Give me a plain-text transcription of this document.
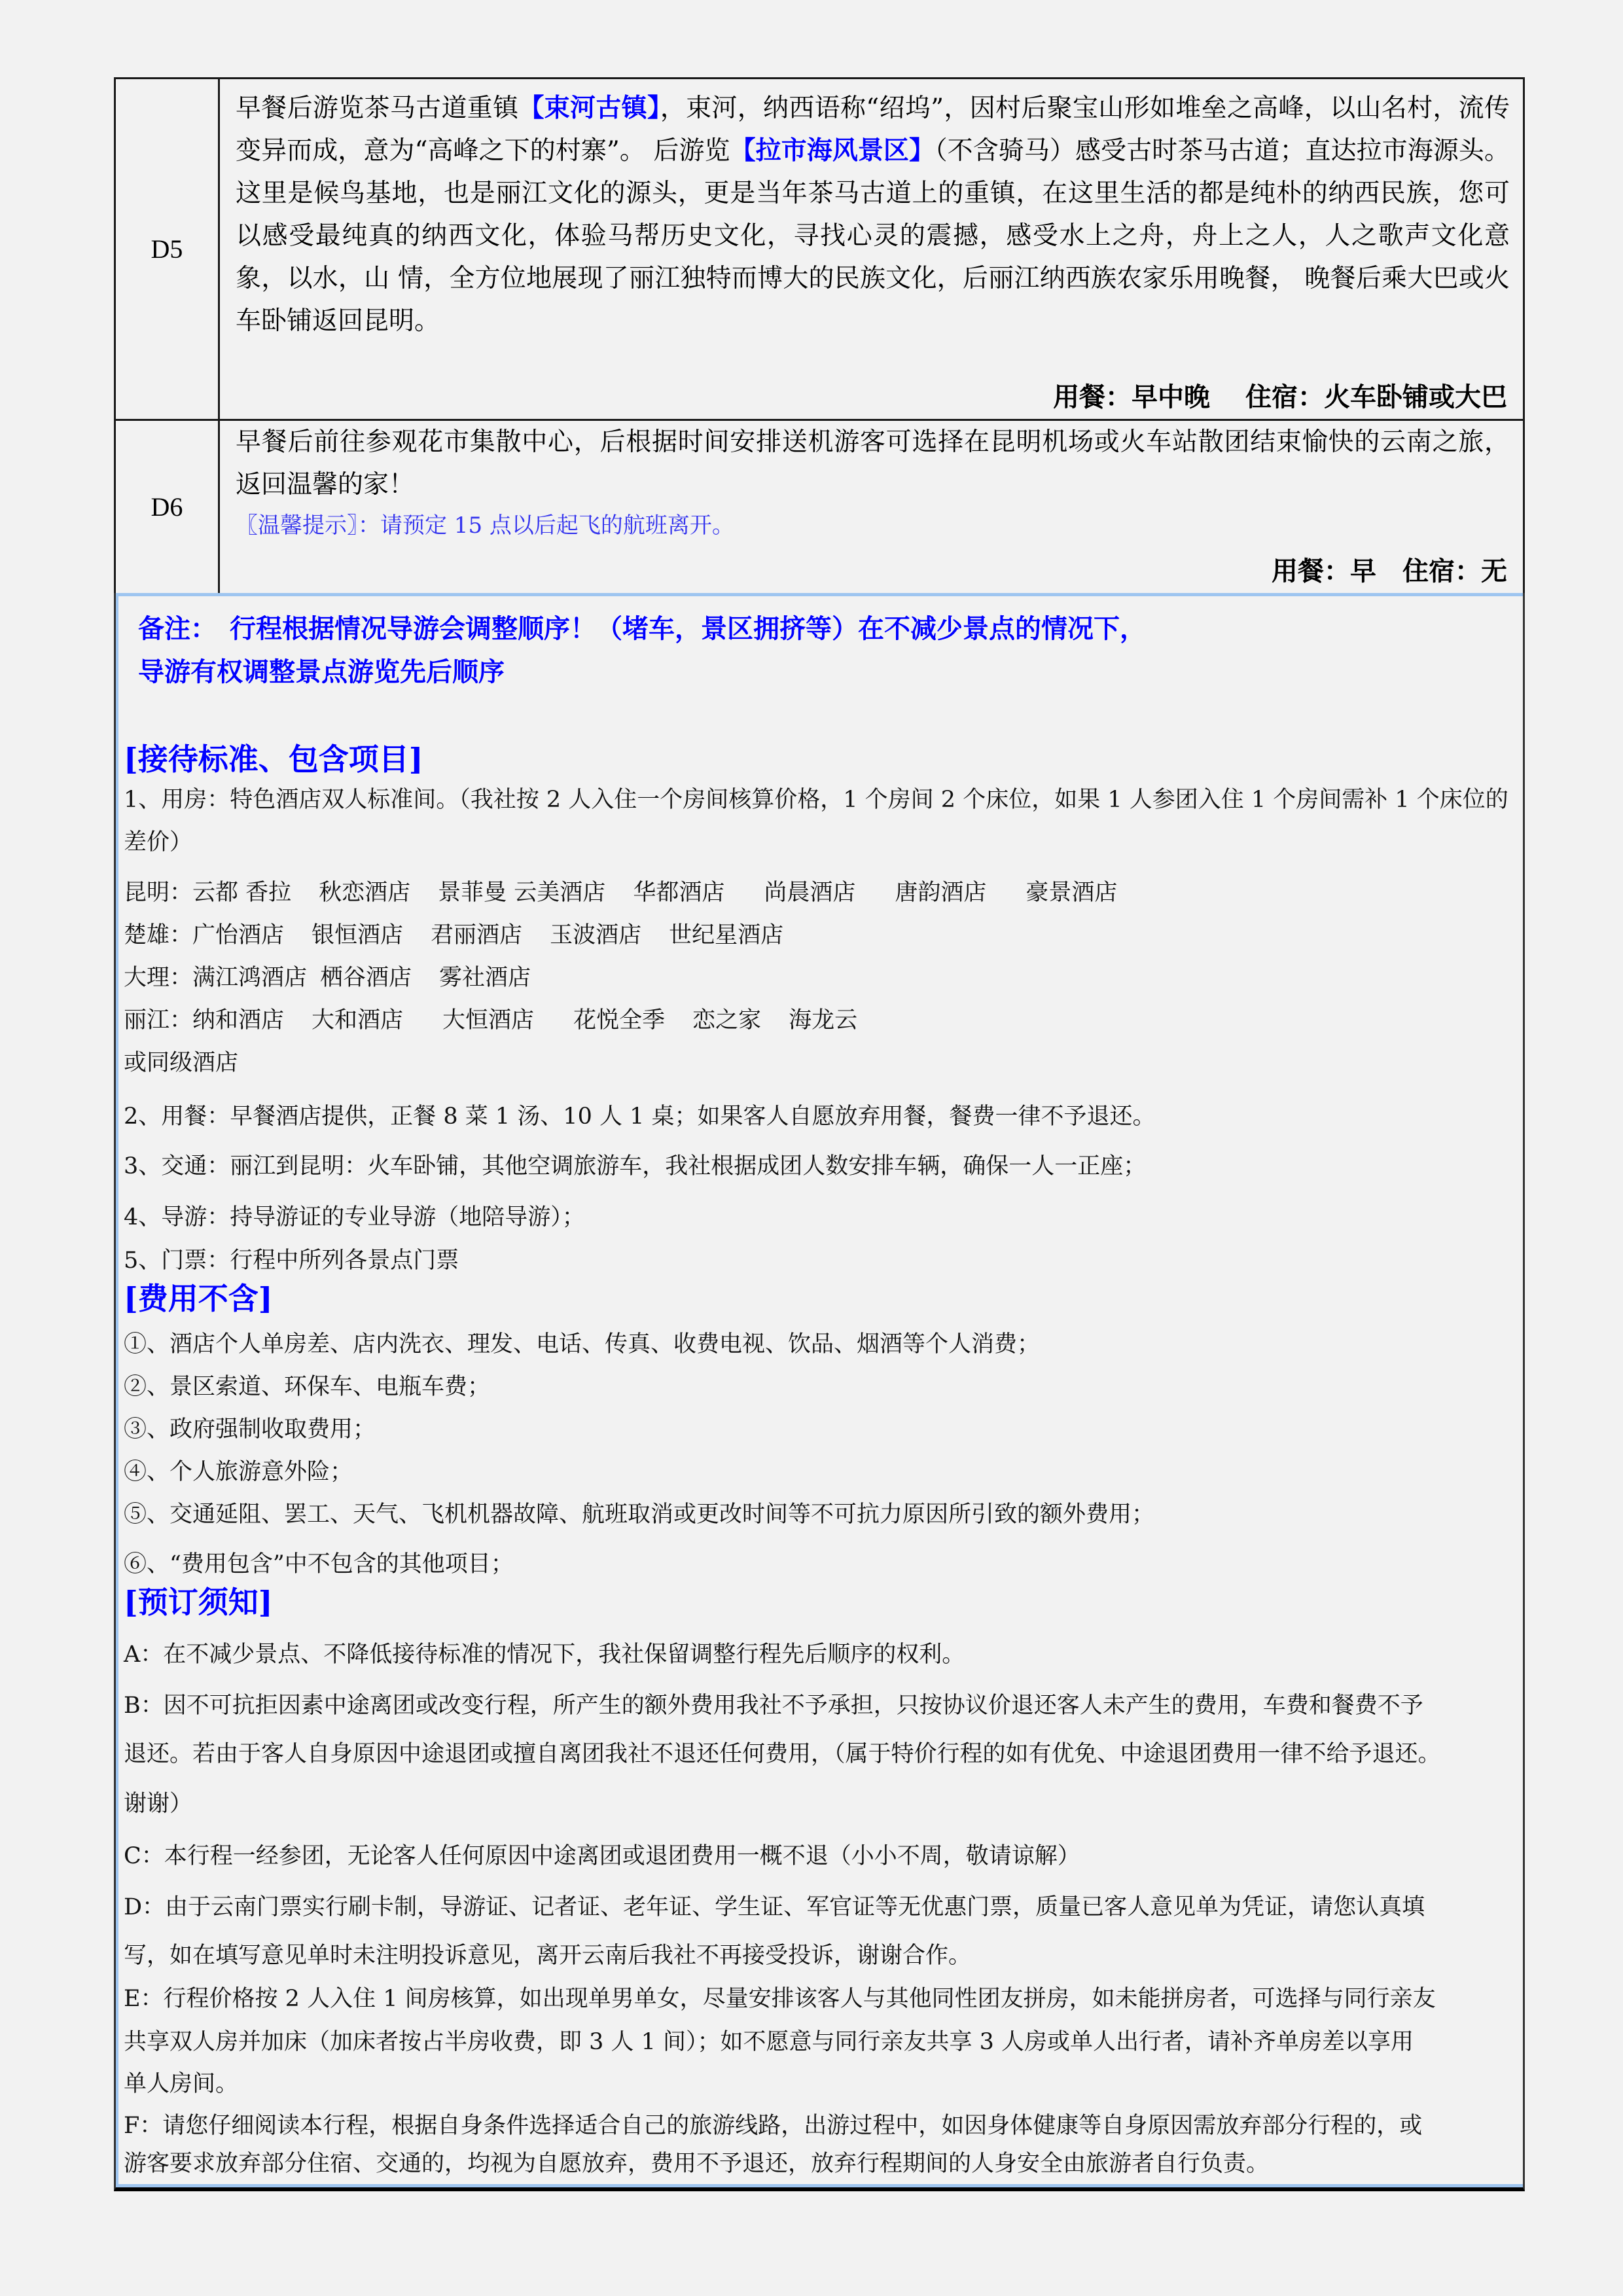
D5	早餐后游览茶马古道重镇【束河古镇】，束河，纳西语称“绍坞”，因村后聚宝山形如堆垒之高峰，以山名村，流传变异而成，意为“高峰之下的村寨”。 后游览【拉市海风景区】（不含骑马）感受古时茶马古道；直达拉市海源头。这里是候鸟基地，也是丽江文化的源头，更是当年茶马古道上的重镇，在这里生活的都是纯朴的纳西民族，您可以感受最纯真的纳西文化，体验马帮历史文化，寻找心灵的震撼，感受水上之舟，舟上之人，人之歌声文化意象，以水，山 情，全方位地展现了丽江独特而博大的民族文化，后丽江纳西族农家乐用晚餐， 晚餐后乘大巴或火车卧铺返回昆明。
用餐：早中晚　 住宿：火车卧铺或大巴

D6	早餐后前往参观花市集散中心，后根据时间安排送机游客可选择在昆明机场或火车站散团结束愉快的云南之旅，返回温馨的家！
〖温馨提示〗：请预定 15 点以后起飞的航班离开。
用餐：早　住宿：无
备注：　行程根据情况导游会调整顺序！（堵车，景区拥挤等）在不减少景点的情况下，
导游有权调整景点游览先后顺序
[接待标准、包含项目]
1、用房：特色酒店双人标准间。（我社按 2 人入住一个房间核算价格，1 个房间 2 个床位，如果 1 人参团入住 1 个房间需补 1 个床位的差价）
昆明：云都 香拉 秋恋酒店 景菲曼 云美酒店 华都酒店 尚晨酒店 唐韵酒店 豪景酒店
楚雄：广怡酒店 银恒酒店 君丽酒店 玉波酒店 世纪星酒店
大理：满江鸿酒店 栖谷酒店 雾社酒店
丽江：纳和酒店 大和酒店 大恒酒店 花悦全季 恋之家 海龙云
或同级酒店
2、用餐：早餐酒店提供，正餐 8 菜 1 汤、10 人 1 桌；如果客人自愿放弃用餐，餐费一律不予退还。
3、交通：丽江到昆明：火车卧铺，其他空调旅游车，我社根据成团人数安排车辆，确保一人一正座；
4、导游：持导游证的专业导游（地陪导游）；
5、门票：行程中所列各景点门票
[费用不含]
①、酒店个人单房差、店内洗衣、理发、电话、传真、收费电视、饮品、烟酒等个人消费；
②、景区索道、环保车、电瓶车费；
③、政府强制收取费用；
④、个人旅游意外险；
⑤、交通延阻、罢工、天气、飞机机器故障、航班取消或更改时间等不可抗力原因所引致的额外费用；
⑥、“费用包含”中不包含的其他项目；
[预订须知]
A：在不减少景点、不降低接待标准的情况下，我社保留调整行程先后顺序的权利。
B：因不可抗拒因素中途离团或改变行程，所产生的额外费用我社不予承担，只按协议价退还客人未产生的费用，车费和餐费不予
退还。若由于客人自身原因中途退团或擅自离团我社不退还任何费用，（属于特价行程的如有优免、中途退团费用一律不给予退还。
谢谢）
C：本行程一经参团，无论客人任何原因中途离团或退团费用一概不退（小小不周，敬请谅解）
D：由于云南门票实行刷卡制，导游证、记者证、老年证、学生证、军官证等无优惠门票，质量已客人意见单为凭证，请您认真填
写，如在填写意见单时未注明投诉意见，离开云南后我社不再接受投诉，谢谢合作。
E：行程价格按 2 人入住 1 间房核算，如出现单男单女，尽量安排该客人与其他同性团友拼房，如未能拼房者，可选择与同行亲友
共享双人房并加床（加床者按占半房收费，即 3 人 1 间）；如不愿意与同行亲友共享 3 人房或单人出行者，请补齐单房差以享用
单人房间。
F：请您仔细阅读本行程，根据自身条件选择适合自己的旅游线路，出游过程中，如因身体健康等自身原因需放弃部分行程的，或
游客要求放弃部分住宿、交通的，均视为自愿放弃，费用不予退还，放弃行程期间的人身安全由旅游者自行负责。
